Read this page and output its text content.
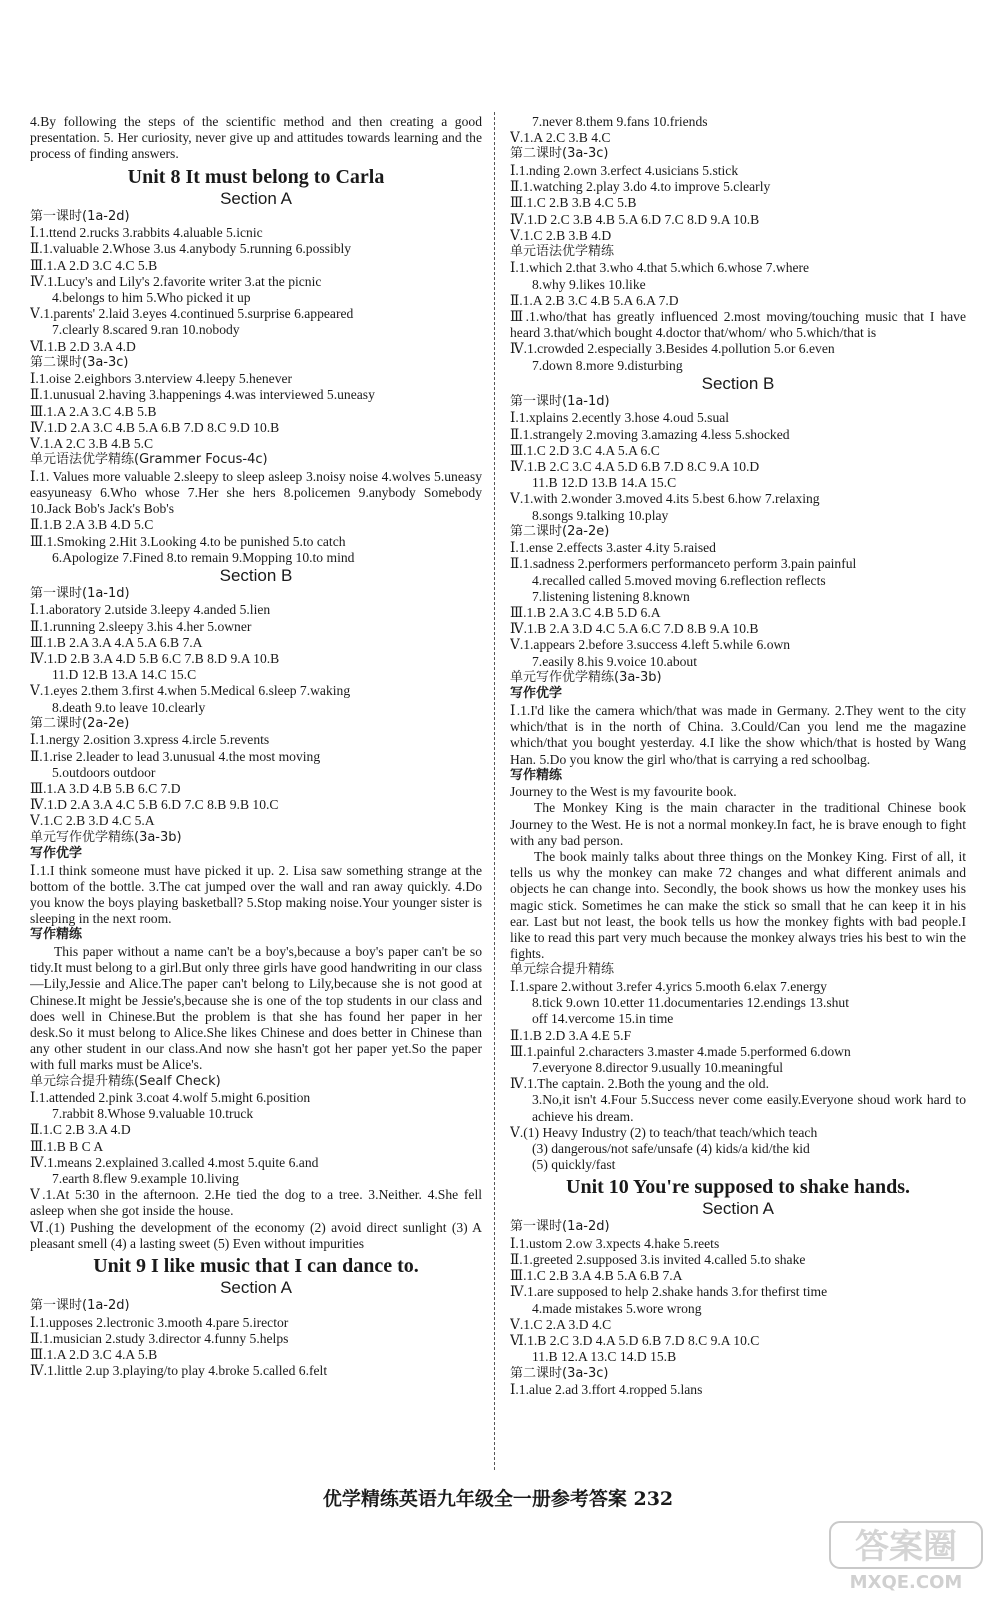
4.By following the steps of the scientific method and then creating a good presentation. 5. Her curiosity, never give up and attitudes towards learning and the process of finding answers.
Unit 8 It must belong to Carla
Section A
第一课时(1a-2d)
Ⅰ.1.ttend 2.rucks 3.rabbits 4.aluable 5.icnic
Ⅱ.1.valuable 2.Whose 3.us 4.anybody 5.running 6.possibly
Ⅲ.1.A 2.D 3.C 4.C 5.B
Ⅳ.1.Lucy's and Lily's 2.favorite writer 3.at the picnic
4.belongs to him 5.Who picked it up
Ⅴ.1.parents' 2.laid 3.eyes 4.continued 5.surprise 6.appeared
7.clearly 8.scared 9.ran 10.nobody
Ⅵ.1.B 2.D 3.A 4.D
第二课时(3a-3c)
Ⅰ.1.oise 2.eighbors 3.nterview 4.leepy 5.henever
Ⅱ.1.unusual 2.having 3.happenings 4.was interviewed 5.uneasy
Ⅲ.1.A 2.A 3.C 4.B 5.B
Ⅳ.1.D 2.A 3.C 4.B 5.A 6.B 7.D 8.C 9.D 10.B
Ⅴ.1.A 2.C 3.B 4.B 5.C
单元语法优学精练(Grammer Focus-4c)
Ⅰ.1. Values more valuable 2.sleepy to sleep asleep 3.noisy noise 4.wolves 5.uneasy easyuneasy 6.Who whose 7.Her she hers 8.policemen 9.anybody Somebody 10.Jack Bob's Jack's Bob's
Ⅱ.1.B 2.A 3.B 4.D 5.C
Ⅲ.1.Smoking 2.Hit 3.Looking 4.to be punished 5.to catch
6.Apologize 7.Fined 8.to remain 9.Mopping 10.to mind
Section B
第一课时(1a-1d)
Ⅰ.1.aboratory 2.utside 3.leepy 4.anded 5.lien
Ⅱ.1.running 2.sleepy 3.his 4.her 5.owner
Ⅲ.1.B 2.A 3.A 4.A 5.A 6.B 7.A
Ⅳ.1.D 2.B 3.A 4.D 5.B 6.C 7.B 8.D 9.A 10.B
11.D 12.B 13.A 14.C 15.C
Ⅴ.1.eyes 2.them 3.first 4.when 5.Medical 6.sleep 7.waking
8.death 9.to leave 10.clearly
第二课时(2a-2e)
Ⅰ.1.nergy 2.osition 3.xpress 4.ircle 5.revents
Ⅱ.1.rise 2.leader to lead 3.unusual 4.the most moving
5.outdoors outdoor
Ⅲ.1.A 3.D 4.B 5.B 6.C 7.D
Ⅳ.1.D 2.A 3.A 4.C 5.B 6.D 7.C 8.B 9.B 10.C
Ⅴ.1.C 2.B 3.D 4.C 5.A
单元写作优学精练(3a-3b)
写作优学
Ⅰ.1.I think someone must have picked it up. 2. Lisa saw something strange at the bottom of the bottle. 3.The cat jumped over the wall and ran away quickly. 4.Do you know the boys playing basketball? 5.Stop making noise.Your younger sister is sleeping in the next room.
写作精练
This paper without a name can't be a boy's,because a boy's paper can't be so tidy.It must belong to a girl.But only three girls have good handwriting in our class—Lily,Jessie and Alice.The paper can't belong to Lily,because she is not good at Chinese.It might be Jessie's,because she is one of the top students in our class and does well in Chinese.But the problem is that she has found her paper in her desk.So it must belong to Alice.She likes Chinese and does better in Chinese than any other student in our class.And now she hasn't got her paper yet.So the paper with full marks must be Alice's.
单元综合提升精练(Sealf Check)
Ⅰ.1.attended 2.pink 3.coat 4.wolf 5.might 6.position
7.rabbit 8.Whose 9.valuable 10.truck
Ⅱ.1.C 2.B 3.A 4.D
Ⅲ.1.B B C A
Ⅳ.1.means 2.explained 3.called 4.most 5.quite 6.and
7.earth 8.flew 9.example 10.living
Ⅴ.1.At 5:30 in the afternoon. 2.He tied the dog to a tree. 3.Neither. 4.She fell asleep when she got inside the house.
Ⅵ.(1) Pushing the development of the economy (2) avoid direct sunlight (3) A pleasant smell (4) a lasting sweet (5) Even without impurities
Unit 9 I like music that I can dance to.
Section A
第一课时(1a-2d)
Ⅰ.1.upposes 2.lectronic 3.mooth 4.pare 5.irector
Ⅱ.1.musician 2.study 3.director 4.funny 5.helps
Ⅲ.1.A 2.D 3.C 4.A 5.B
Ⅳ.1.little 2.up 3.playing/to play 4.broke 5.called 6.felt
7.never 8.them 9.fans 10.friends
Ⅴ.1.A 2.C 3.B 4.C
第二课时(3a-3c)
Ⅰ.1.nding 2.own 3.erfect 4.usicians 5.stick
Ⅱ.1.watching 2.play 3.do 4.to improve 5.clearly
Ⅲ.1.C 2.B 3.B 4.C 5.B
Ⅳ.1.D 2.C 3.B 4.B 5.A 6.D 7.C 8.D 9.A 10.B
Ⅴ.1.C 2.B 3.B 4.D
单元语法优学精练
Ⅰ.1.which 2.that 3.who 4.that 5.which 6.whose 7.where
8.why 9.likes 10.like
Ⅱ.1.A 2.B 3.C 4.B 5.A 6.A 7.D
Ⅲ.1.who/that has greatly influenced 2.most moving/touching music that I have heard 3.that/which bought 4.doctor that/whom/ who 5.which/that is
Ⅳ.1.crowded 2.especially 3.Besides 4.pollution 5.or 6.even
7.down 8.more 9.disturbing
Section B
第一课时(1a-1d)
Ⅰ.1.xplains 2.ecently 3.hose 4.oud 5.sual
Ⅱ.1.strangely 2.moving 3.amazing 4.less 5.shocked
Ⅲ.1.C 2.D 3.C 4.A 5.A 6.C
Ⅳ.1.B 2.C 3.C 4.A 5.D 6.B 7.D 8.C 9.A 10.D
11.B 12.D 13.B 14.A 15.C
Ⅴ.1.with 2.wonder 3.moved 4.its 5.best 6.how 7.relaxing
8.songs 9.talking 10.play
第二课时(2a-2e)
Ⅰ.1.ense 2.effects 3.aster 4.ity 5.raised
Ⅱ.1.sadness 2.performers performanceto perform 3.pain painful
4.recalled called 5.moved moving 6.reflection reflects
7.listening listening 8.known
Ⅲ.1.B 2.A 3.C 4.B 5.D 6.A
Ⅳ.1.B 2.A 3.D 4.C 5.A 6.C 7.D 8.B 9.A 10.B
Ⅴ.1.appears 2.before 3.success 4.left 5.while 6.own
7.easily 8.his 9.voice 10.about
单元写作优学精练(3a-3b)
写作优学
Ⅰ.1.I'd like the camera which/that was made in Germany. 2.They went to the city which/that is in the north of China. 3.Could/Can you lend me the magazine which/that you bought yesterday. 4.I like the show which/that is hosted by Wang Han. 5.Do you know the girl who/that is carrying a red schoolbag.
写作精练
Journey to the West is my favourite book.
The Monkey King is the main character in the traditional Chinese book Journey to the West. He is not a normal monkey.In fact, he is brave enough to fight with any bad person.
The book mainly talks about three things on the Monkey King. First of all, it tells us why the monkey can make 72 changes and what different animals and objects he can change into. Secondly, the book shows us how the monkey uses his magic stick. Sometimes he can make the stick so small that he can keep it in his ear. Last but not least, the book tells us how the monkey fights with bad people.I like to read this part very much because the monkey always tries his best to win the fights.
单元综合提升精练
Ⅰ.1.spare 2.without 3.refer 4.yrics 5.mooth 6.elax 7.energy
8.tick 9.own 10.etter 11.documentaries 12.endings 13.shut
off 14.vercome 15.in time
Ⅱ.1.B 2.D 3.A 4.E 5.F
Ⅲ.1.painful 2.characters 3.master 4.made 5.performed 6.down
7.everyone 8.director 9.usually 10.meaningful
Ⅳ.1.The captain. 2.Both the young and the old.
3.No,it isn't 4.Four 5.Success never come easily.Everyone shoud work hard to achieve his dream.
Ⅴ.(1) Heavy Industry (2) to teach/that teach/which teach
(3) dangerous/not safe/unsafe (4) kids/a kid/the kid
(5) quickly/fast
Unit 10 You're supposed to shake hands.
Section A
第一课时(1a-2d)
Ⅰ.1.ustom 2.ow 3.xpects 4.hake 5.reets
Ⅱ.1.greeted 2.supposed 3.is invited 4.called 5.to shake
Ⅲ.1.C 2.B 3.A 4.B 5.A 6.B 7.A
Ⅳ.1.are supposed to help 2.shake hands 3.for thefirst time
4.made mistakes 5.wore wrong
Ⅴ.1.C 2.A 3.D 4.C
Ⅵ.1.B 2.C 3.D 4.A 5.D 6.B 7.D 8.C 9.A 10.C
11.B 12.A 13.C 14.D 15.B
第二课时(3a-3c)
Ⅰ.1.alue 2.ad 3.ffort 4.ropped 5.lans
优学精练英语九年级全一册参考答案 232
答案圈
MXQE.COM
